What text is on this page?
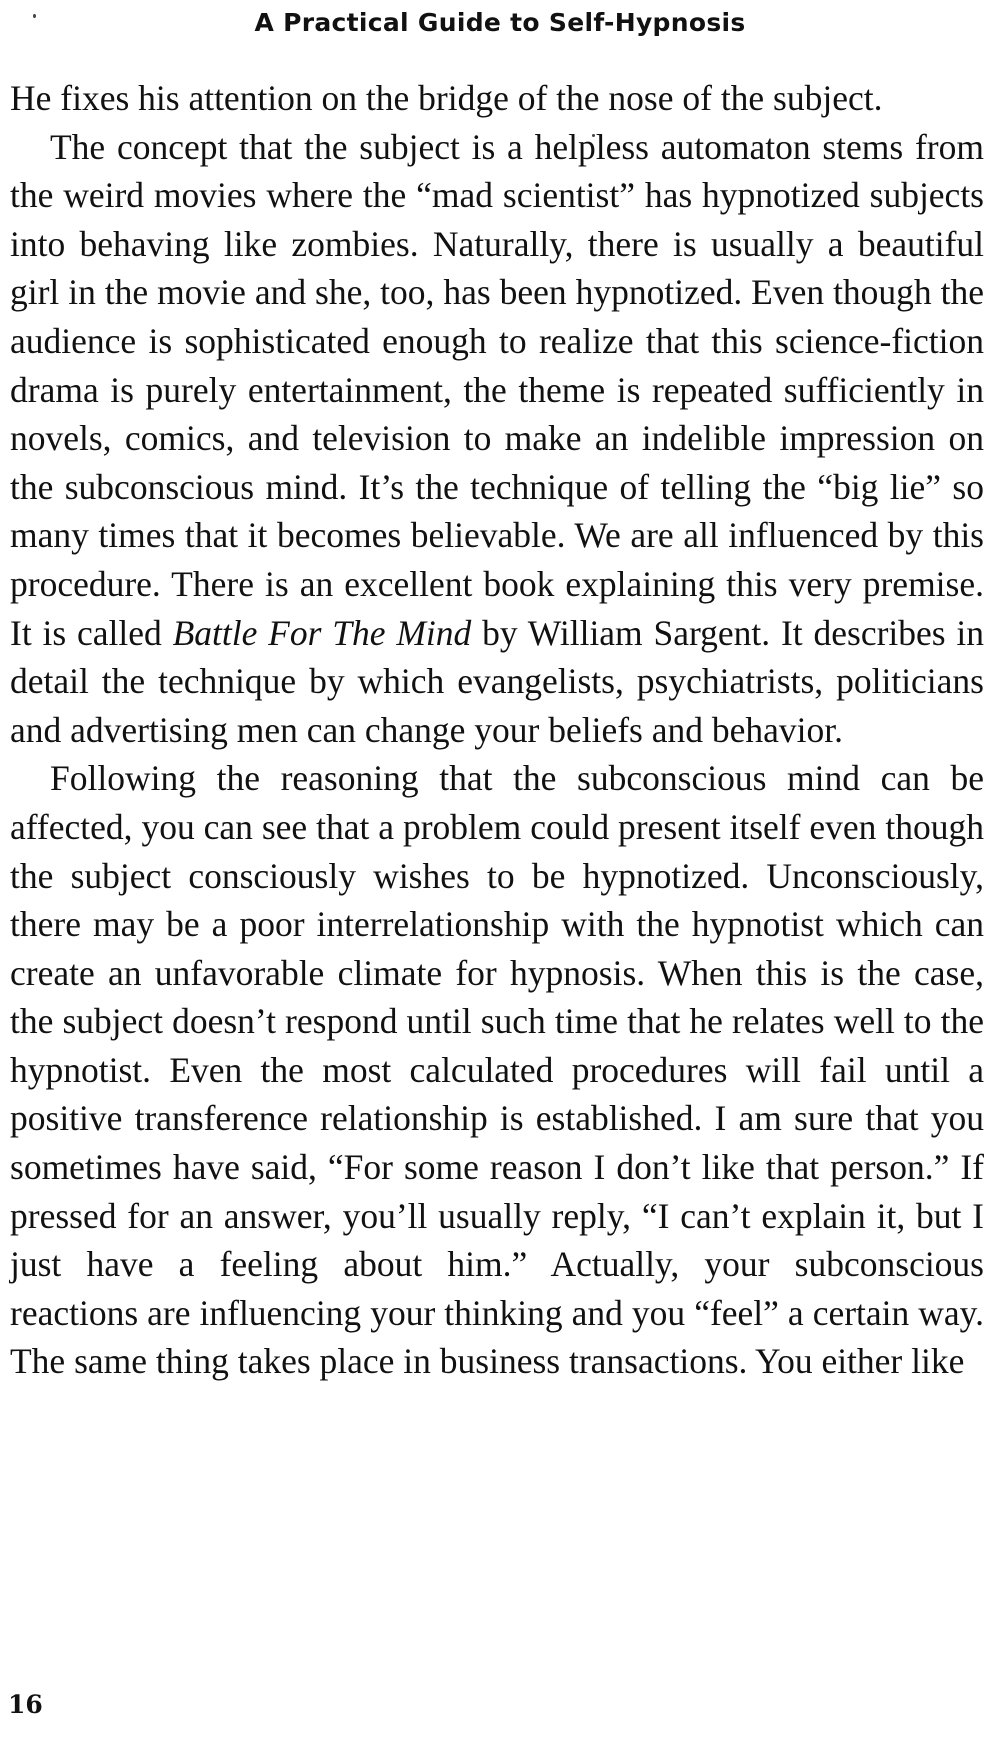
A Practical Guide to Self-Hypnosis

He fixes his attention on the bridge of the nose of the subject.

The concept that the subject is a helpless automaton stems from the weird movies where the “mad scientist” has hypnotized subjects into behaving like zombies. Naturally, there is usually a beautiful girl in the movie and she, too, has been hypnotized. Even though the audience is sophisticated enough to realize that this science-fiction drama is purely entertainment, the theme is repeated sufficiently in novels, comics, and television to make an indelible impression on the subconscious mind. It’s the technique of telling the “big lie” so many times that it becomes believable. We are all influenced by this procedure. There is an excellent book explaining this very premise. It is called Battle For The Mind by William Sargent. It describes in detail the technique by which evangelists, psychiatrists, politicians and advertising men can change your beliefs and behavior.

Following the reasoning that the subconscious mind can be affected, you can see that a problem could present itself even though the subject consciously wishes to be hypnotized. Unconsciously, there may be a poor interrelationship with the hypnotist which can create an unfavorable climate for hypnosis. When this is the case, the subject doesn’t respond until such time that he relates well to the hypnotist. Even the most calculated procedures will fail until a positive transference relationship is established. I am sure that you sometimes have said, “For some reason I don’t like that person.” If pressed for an answer, you’ll usually reply, “I can’t explain it, but I just have a feeling about him.” Actually, your subconscious reactions are influencing your thinking and you “feel” a certain way. The same thing takes place in business transactions. You either like

16
